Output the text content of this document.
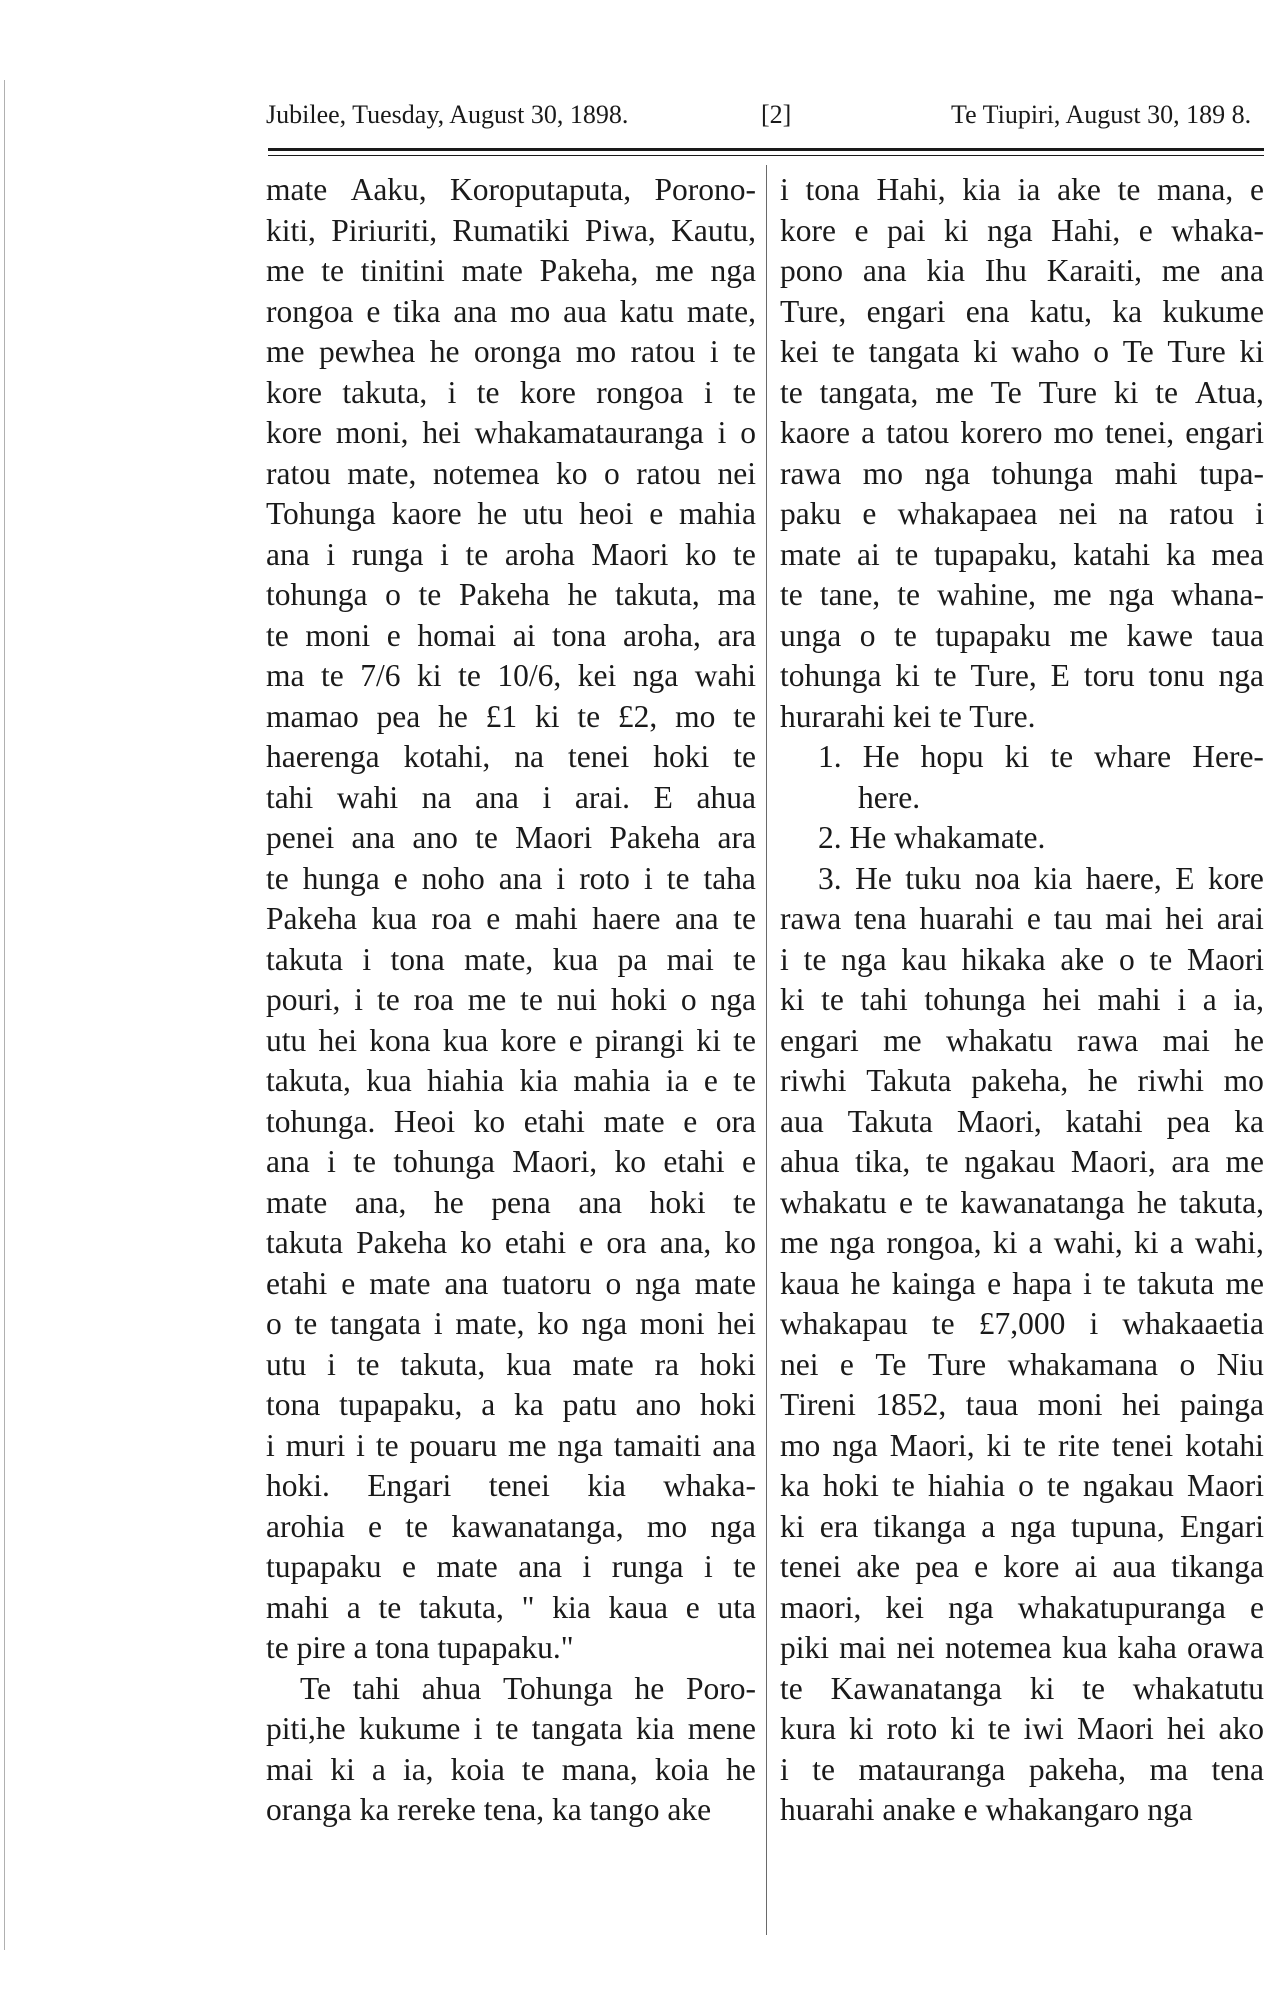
Jubilee, Tuesday, August 30, 1898.	[2]	Te Tiupiri, August 30, 189 8.
mate Aaku, Koroputaputa, Porono-
kiti, Piriuriti, Rumatiki Piwa, Kautu,
me te tinitini mate Pakeha, me nga
rongoa e tika ana mo aua katu mate,
me pewhea he oronga mo ratou i te
kore takuta, i te kore rongoa i te
kore moni, hei whakamatauranga i o
ratou mate, notemea ko o ratou nei
Tohunga kaore he utu heoi e mahia
ana i runga i te aroha Maori ko te
tohunga o te Pakeha he takuta, ma
te moni e homai ai tona aroha, ara
ma te 7/6 ki te 10/6, kei nga wahi
mamao pea he £1 ki te £2, mo te
haerenga kotahi, na tenei hoki te
tahi wahi na ana i arai. E ahua
penei ana ano te Maori Pakeha ara
te hunga e noho ana i roto i te taha
Pakeha kua roa e mahi haere ana te
takuta i tona mate, kua pa mai te
pouri, i te roa me te nui hoki o nga
utu hei kona kua kore e pirangi ki te
takuta, kua hiahia kia mahia ia e te
tohunga. Heoi ko etahi mate e ora
ana i te tohunga Maori, ko etahi e
mate ana, he pena ana hoki te
takuta Pakeha ko etahi e ora ana, ko
etahi e mate ana tuatoru o nga mate
o te tangata i mate, ko nga moni hei
utu i te takuta, kua mate ra hoki
tona tupapaku, a ka patu ano hoki
i muri i te pouaru me nga tamaiti ana
hoki. Engari tenei kia whaka-
arohia e te kawanatanga, mo nga
tupapaku e mate ana i runga i te
mahi a te takuta, " kia kaua e uta
te pire a tona tupapaku."
Te tahi ahua Tohunga he Poro-
piti,he kukume i te tangata kia mene
mai ki a ia, koia te mana, koia he
oranga ka rereke tena, ka tango ake
i tona Hahi, kia ia ake te mana, e
kore e pai ki nga Hahi, e whaka-
pono ana kia Ihu Karaiti, me ana
Ture, engari ena katu, ka kukume
kei te tangata ki waho o Te Ture ki
te tangata, me Te Ture ki te Atua,
kaore a tatou korero mo tenei, engari
rawa mo nga tohunga mahi tupa-
paku e whakapaea nei na ratou i
mate ai te tupapaku, katahi ka mea
te tane, te wahine, me nga whana-
unga o te tupapaku me kawe taua
tohunga ki te Ture, E toru tonu nga
hurarahi kei te Ture.
1. He hopu ki te whare Here-
here.
2. He whakamate.
3. He tuku noa kia haere, E kore
rawa tena huarahi e tau mai hei arai
i te nga kau hikaka ake o te Maori
ki te tahi tohunga hei mahi i a ia,
engari me whakatu rawa mai he
riwhi Takuta pakeha, he riwhi mo
aua Takuta Maori, katahi pea ka
ahua tika, te ngakau Maori, ara me
whakatu e te kawanatanga he takuta,
me nga rongoa, ki a wahi, ki a wahi,
kaua he kainga e hapa i te takuta me
whakapau te £7,000 i whakaaetia
nei e Te Ture whakamana o Niu
Tireni 1852, taua moni hei painga
mo nga Maori, ki te rite tenei kotahi
ka hoki te hiahia o te ngakau Maori
ki era tikanga a nga tupuna, Engari
tenei ake pea e kore ai aua tikanga
maori, kei nga whakatupuranga e
piki mai nei notemea kua kaha orawa
te Kawanatanga ki te whakatutu
kura ki roto ki te iwi Maori hei ako
i te matauranga pakeha, ma tena
huarahi anake e whakangaro nga
